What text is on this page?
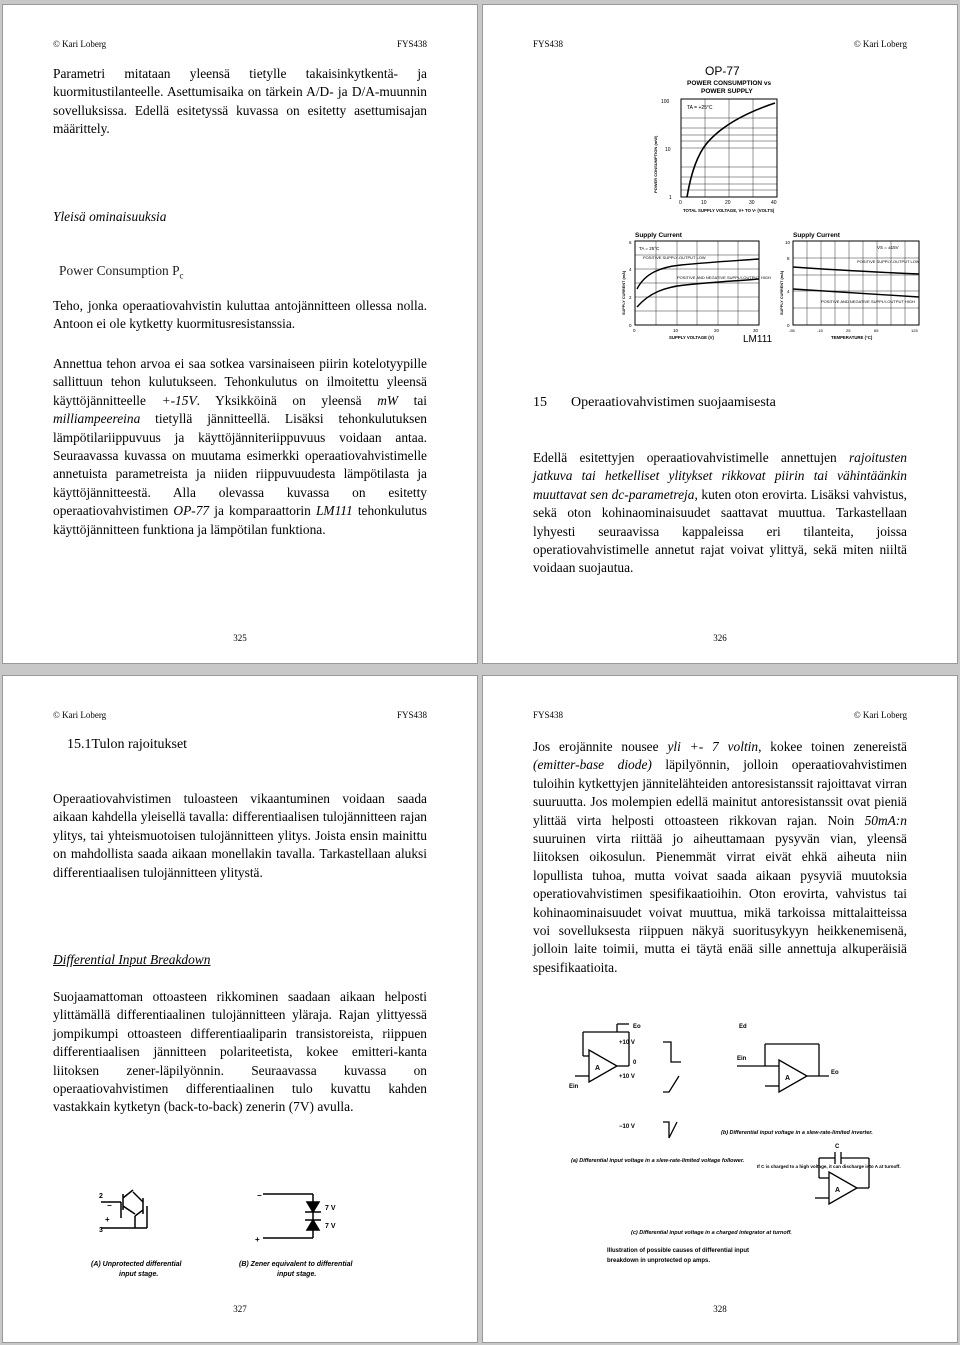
© Kari Loberg	FYS438

Parametri mitataan yleensä tietylle takaisinkytkentä- ja kuormitustilanteelle. Asettumisaika on tärkein A/D- ja D/A-muunnin sovelluksissa. Edellä esitetyssä kuvassa on esitetty asettumisajan määrittely.

Yleisä ominaisuuksia
Power Consumption $P_c$

Teho, jonka operaatiovahvistin kuluttaa antojännitteen ollessa nolla. Antoon ei ole kytketty kuormitusresistanssia.

Annettua tehon arvoa ei saa sotkea varsinaiseen piirin kotelotyypille sallittuun tehon kulutukseen. Tehonkulutus on ilmoitettu yleensä käyttöjännitteelle +-15V. Yksikköinä on yleensä mW tai milliampeereina tietyllä jännitteellä. Lisäksi tehonkulutuksen lämpötilariippuvuus ja käyttöjänniteriippuvuus voidaan antaa. Seuraavassa kuvassa on muutama esimerkki operaatiovahvistimelle annetuista parametreista ja niiden riippuvuudesta lämpötilasta ja käyttöjännitteestä. Alla olevassa kuvassa on esitetty operaatiovahvistimen OP-77 ja komparaattorin LM111 tehonkulutus käyttöjännitteen funktiona ja lämpötilan funktiona.

325
FYS438	© Kari Loberg
OP-77
POWER CONSUMPTION vs
POWER SUPPLY
TA = +25°C
100
10
1
0	10	20	30	40
TOTAL SUPPLY VOLTAGE, V+ TO V- (VOLTS)
POWER CONSUMPTION (mW)
Supply Current
TA = 25°C
POSITIVE SUPPLY-OUTPUT LOW
POSITIVE AND NEGATIVE SUPPLY-OUTPUT HIGH
0
2
4
6
0	10	20	30
SUPPLY VOLTAGE (V)
SUPPLY CURRENT (mA)
Supply Current
VS = ±15V
POSITIVE SUPPLY-OUTPUT LOW
POSITIVE AND NEGATIVE SUPPLY-OUTPUT HIGH
0
4
8
10
-55	-15	25	65	125
TEMPERATURE (°C)
SUPPLY CURRENT (mA)
LM111
15 Operaatiovahvistimen suojaamisesta

Edellä esitettyjen operaatiovahvistimelle annettujen rajoitusten jatkuva tai hetkelliset ylitykset rikkovat piirin tai vähintäänkin muuttavat sen dc-parametreja, kuten oton erovirta. Lisäksi vahvistus, sekä oton kohinaominaisuudet saattavat muuttua. Tarkastellaan lyhyesti seuraavissa kappaleissa eri tilanteita, joissa operatiovahvistimelle annetut rajat voivat ylittyä, sekä miten niiltä voidaan suojautua.

326
© Kari Loberg	FYS438
15.1Tulon rajoitukset

Operaatiovahvistimen tuloasteen vikaantuminen voidaan saada aikaan kahdella yleisellä tavalla: differentiaalisen tulojännitteen rajan ylitys, tai yhteismuotoisen tulojännitteen ylitys. Joista ensin mainittu on mahdollista saada aikaan monellakin tavalla. Tarkastellaan aluksi differentiaalisen tulojännitteen ylitystä.

Differential Input Breakdown

Suojaamattoman ottoasteen rikkominen saadaan aikaan helposti ylittämällä differentiaalinen tulojännitteen yläraja. Rajan ylittyessä jompikumpi ottoasteen differentiaaliparin transistoreista, riippuen differentiaalisen jännitteen polariteetista, kokee emitteri-kanta liitoksen zener-läpilyönnin. Seuraavassa kuvassa on operaatiovahvistimen differentiaalinen tulo kuvattu kahden vastakkain kytketyn (back-to-back) zenerin (7V) avulla.

2
3
−
+
(A) Unprotected differential
input stage.
−
+
7 V
7 V
(B) Zener equivalent to differential
input stage.
327
FYS438	© Kari Loberg

Jos erojännite nousee yli +- 7 voltin, kokee toinen zenereistä (emitter-base diode) läpilyönnin, jolloin operaatiovahvistimen tuloihin kytkettyjen jännitelähteiden antoresistanssit rajoittavat virran suuruutta. Jos molempien edellä mainitut antoresistanssit ovat pieniä ylittää virta helposti ottoasteen rikkovan rajan. Noin 50mA:n suuruinen virta riittää jo aiheuttamaan pysyvän vian, yleensä liitoksen oikosulun. Pienemmät virrat eivät ehkä aiheuta niin lopullista tuhoa, mutta voivat saada aikaan pysyviä muutoksia operatiovahvistimen spesifikaatioihin. Oton erovirta, vahvistus tai kohinaominaisuudet voivat muuttua, mikä tarkoissa mittalaitteissa voi sovelluksesta riippuen näkyä suoritusykyyn heikkenemisenä, jolloin laite toimii, mutta ei täytä enää sille annettuja alkuperäisiä spesifikaatioita.

A
Ein
Eo
+10 V
0
+10 V
−10 V
A
Eo
Ein
Ed
(b) Differential input voltage in a slew-rate-limited inverter.
A
C
If C is charged to a high voltage, it can discharge into A at turnoff.
(a) Differential input voltage in a slew-rate-limited voltage follower.
(c) Differential input voltage in a charged integrator at turnoff.
Illustration of possible causes of differential input
breakdown in unprotected op amps.
328
